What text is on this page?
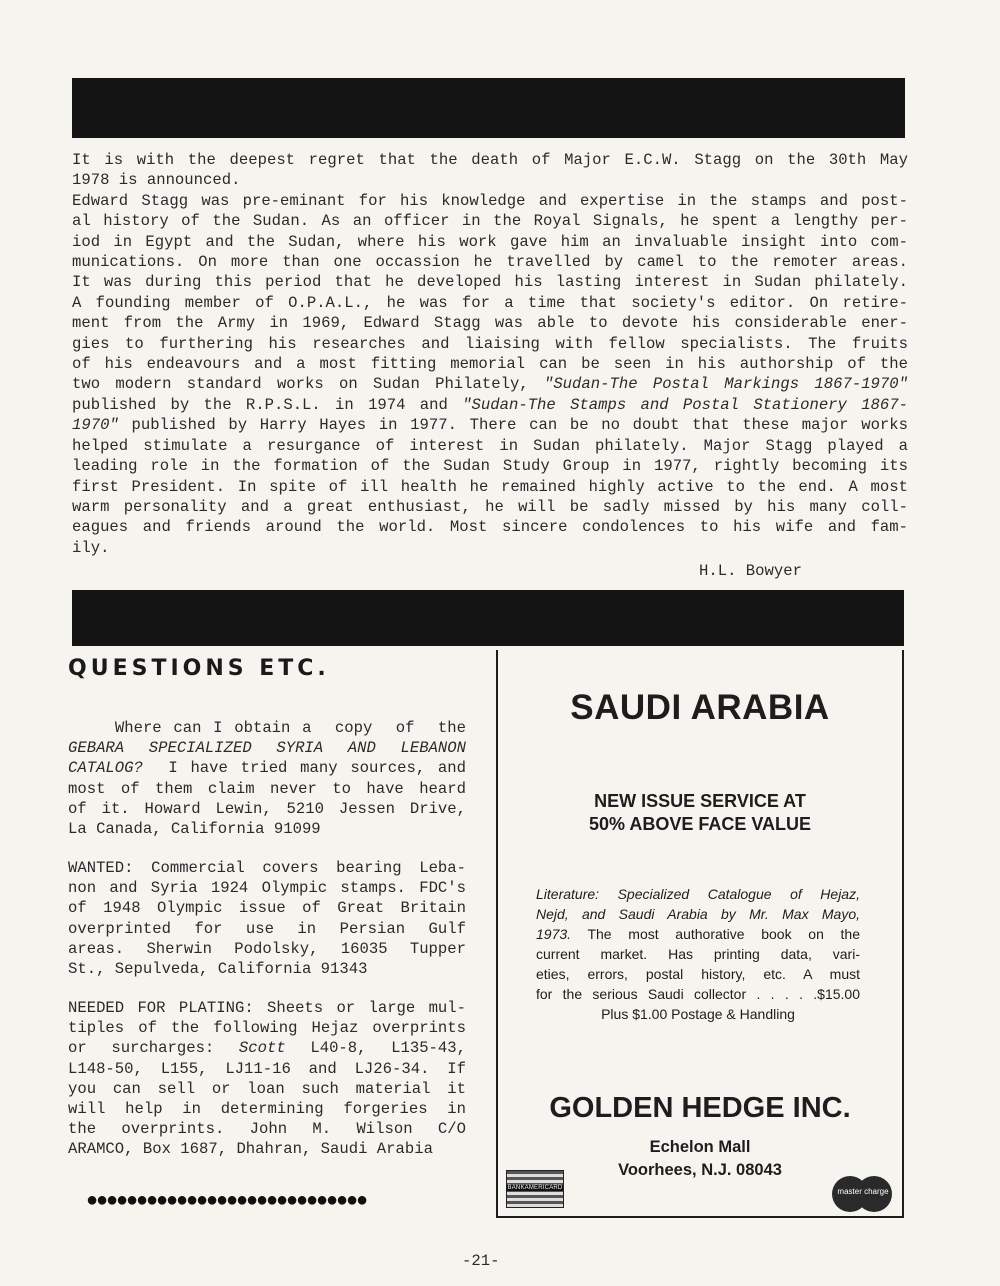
It is with the deepest regret that the death of Major E.C.W. Stagg on the 30th May
1978 is announced.
Edward Stagg was pre-eminant for his knowledge and expertise in the stamps and post-
al history of the Sudan. As an officer in the Royal Signals, he spent a lengthy per-
iod in Egypt and the Sudan, where his work gave him an invaluable insight into com-
munications. On more than one occassion he travelled by camel to the remoter areas.
It was during this period that he developed his lasting interest in Sudan philately.
A founding member of O.P.A.L., he was for a time that society's editor. On retire-
ment from the Army in 1969, Edward Stagg was able to devote his considerable ener-
gies to furthering his researches and liaising with fellow specialists. The fruits
of his endeavours and a most fitting memorial can be seen in his authorship of the
two modern standard works on Sudan Philately, "Sudan-The Postal Markings 1867-1970"
published by the R.P.S.L. in 1974 and "Sudan-The Stamps and Postal Stationery 1867-
1970" published by Harry Hayes in 1977. There can be no doubt that these major works
helped stimulate a resurgance of interest in Sudan philately. Major Stagg played a
leading role in the formation of the Sudan Study Group in 1977, rightly becoming its
first President. In spite of ill health he remained highly active to the end. A most
warm personality and a great enthusiast, he will be sadly missed by his many coll-
eagues and friends around the world. Most sincere condolences to his wife and fam-
ily.
H.L. Bowyer
QUESTIONS ETC.
Where can I obtain a  copy  of  the
GEBARA SPECIALIZED SYRIA AND LEBANON
CATALOG?  I have tried many sources, and
most of them claim never to have heard
of it. Howard Lewin, 5210 Jessen Drive,
La Canada, California 91099
WANTED: Commercial covers bearing Leba-
non and Syria 1924 Olympic stamps. FDC's
of 1948 Olympic issue of Great Britain
overprinted for use in Persian Gulf
areas. Sherwin Podolsky, 16035 Tupper
St., Sepulveda, California 91343
NEEDED FOR PLATING: Sheets or large mul-
tiples of the following Hejaz overprints
or  surcharges:  Scott  L40-8,  L135-43,
L148-50, L155, LJ11-16 and LJ26-34. If
you can sell or loan such material it
will help in determining forgeries in
the overprints. John M. Wilson C/O
ARAMCO, Box 1687, Dhahran, Saudi Arabia
●●●●●●●●●●●●●●●●●●●●●●●●●●●●
SAUDI ARABIA
NEW ISSUE SERVICE AT
50% ABOVE FACE VALUE
Literature: Specialized Catalogue of Hejaz,
Nejd, and Saudi Arabia by Mr. Max Mayo,
1973. The most authorative book on the
current market. Has printing data, vari-
eties, errors, postal history, etc. A must
for the serious Saudi collector . . . . .$15.00
Plus $1.00 Postage & Handling
GOLDEN HEDGE INC.
Echelon Mall
Voorhees, N.J. 08043
BANKAMERICARD	master charge
-21-
